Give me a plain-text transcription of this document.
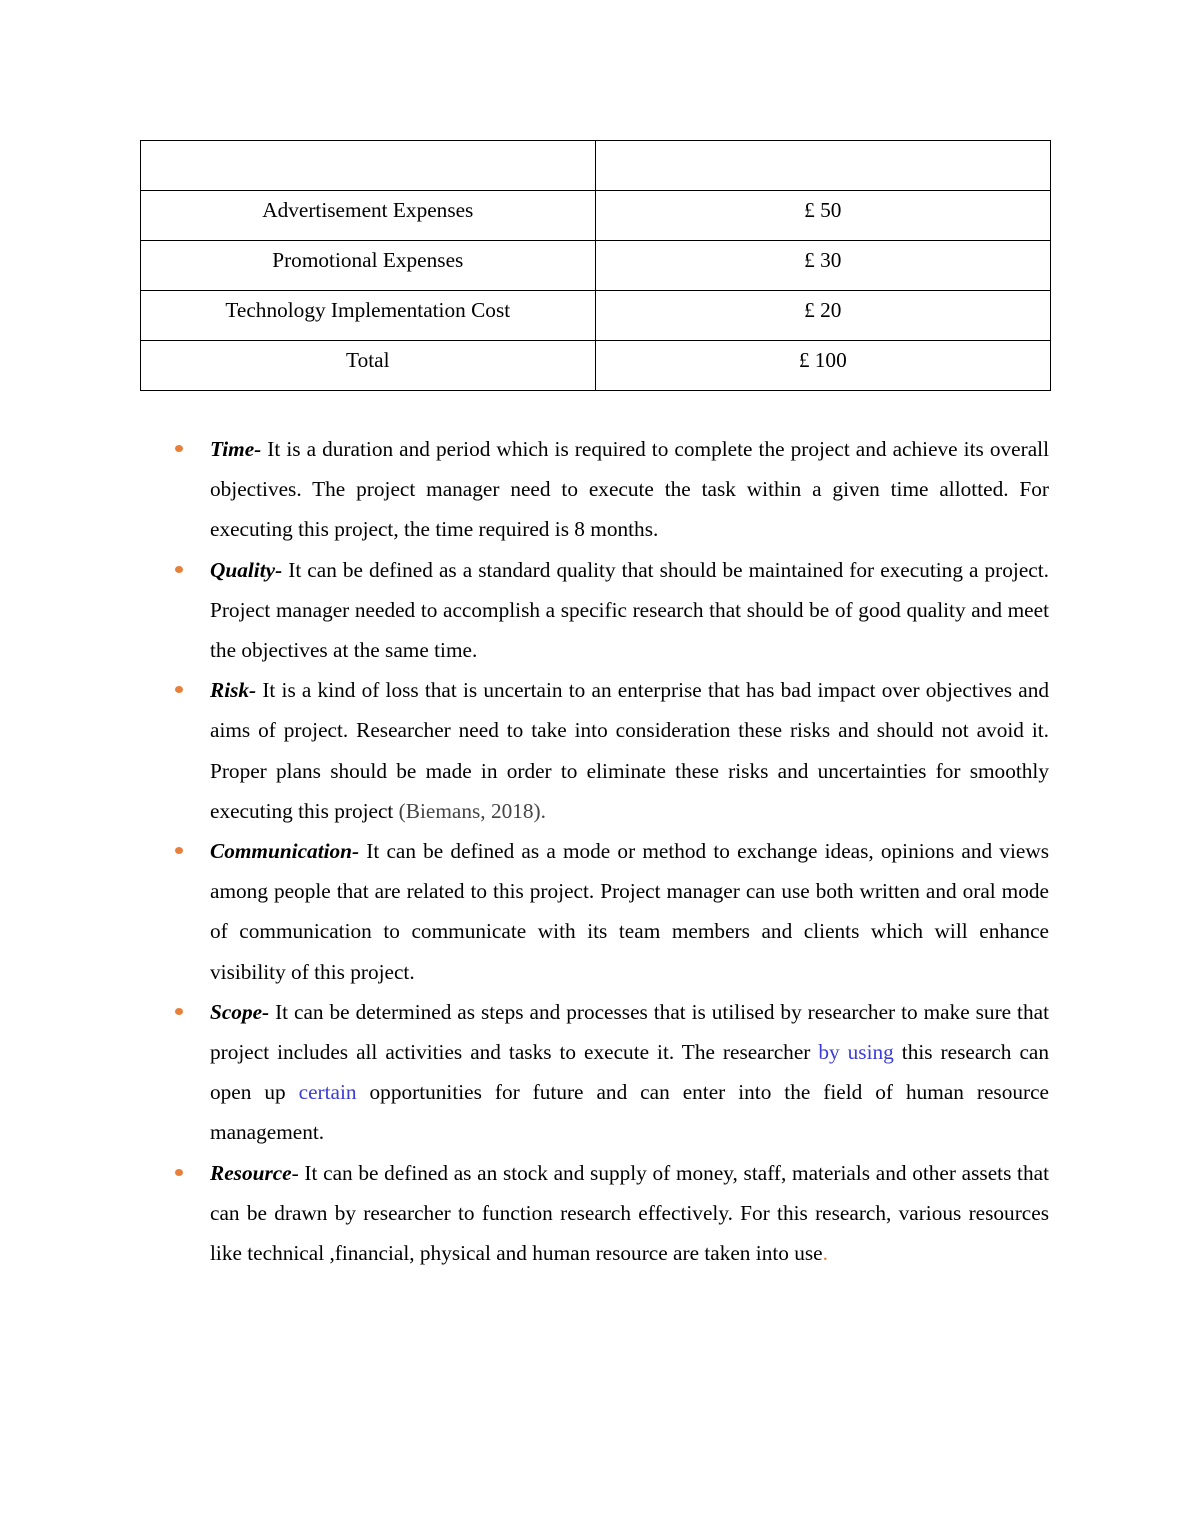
Advertisement Expenses	£ 50

Promotional Expenses	£ 30

Technology Implementation Cost	£ 20

Total	£ 100
Time- It is a duration and period which is required to complete the project and achieve its overall objectives. The project manager need to execute the task within a given time allotted. For executing this project, the time required is 8 months.
Quality- It can be defined as a standard quality that should be maintained for executing a project. Project manager needed to accomplish a specific research that should be of good quality and meet the objectives at the same time.
Risk- It is a kind of loss that is uncertain to an enterprise that has bad impact over objectives and aims of project. Researcher need to take into consideration these risks and should not avoid it. Proper plans should be made in order to eliminate these risks and uncertainties for smoothly executing this project (Biemans, 2018).
Communication- It can be defined as a mode or method to exchange ideas, opinions and views among people that are related to this project. Project manager can use both written and oral mode of communication to communicate with its team members and clients which will enhance visibility of this project.
Scope- It can be determined as steps and processes that is utilised by researcher to make sure that project includes all activities and tasks to execute it. The researcher by using this research can open up certain opportunities for future and can enter into the field of human resource management.
Resource- It can be defined as an stock and supply of money, staff, materials and other assets that can be drawn by researcher to function research effectively. For this research, various resources like technical ,financial, physical and human resource are taken into use.
